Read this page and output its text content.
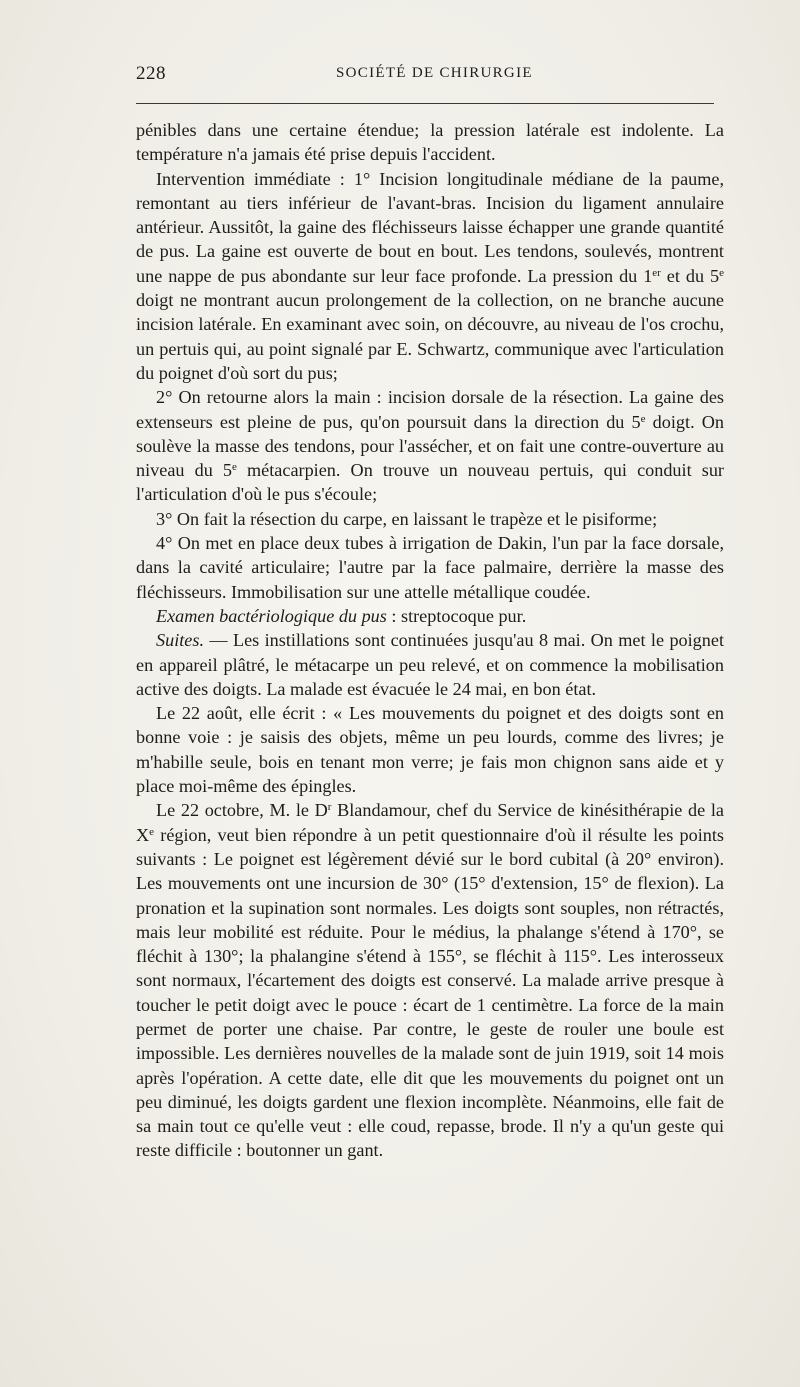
228	SOCIÉTÉ DE CHIRURGIE

pénibles dans une certaine étendue; la pression latérale est indolente. La température n'a jamais été prise depuis l'accident.

Intervention immédiate : 1° Incision longitudinale médiane de la paume, remontant au tiers inférieur de l'avant-bras. Incision du ligament annulaire antérieur. Aussitôt, la gaine des fléchisseurs laisse échapper une grande quantité de pus. La gaine est ouverte de bout en bout. Les tendons, soulevés, montrent une nappe de pus abondante sur leur face profonde. La pression du 1er et du 5e doigt ne montrant aucun prolongement de la collection, on ne branche aucune incision latérale. En examinant avec soin, on découvre, au niveau de l'os crochu, un pertuis qui, au point signalé par E. Schwartz, communique avec l'articulation du poignet d'où sort du pus;

2° On retourne alors la main : incision dorsale de la résection. La gaine des extenseurs est pleine de pus, qu'on poursuit dans la direction du 5e doigt. On soulève la masse des tendons, pour l'assécher, et on fait une contre-ouverture au niveau du 5e métacarpien. On trouve un nouveau pertuis, qui conduit sur l'articulation d'où le pus s'écoule;

3° On fait la résection du carpe, en laissant le trapèze et le pisiforme;

4° On met en place deux tubes à irrigation de Dakin, l'un par la face dorsale, dans la cavité articulaire; l'autre par la face palmaire, derrière la masse des fléchisseurs. Immobilisation sur une attelle métallique coudée.

Examen bactériologique du pus : streptocoque pur.

Suites. — Les instillations sont continuées jusqu'au 8 mai. On met le poignet en appareil plâtré, le métacarpe un peu relevé, et on commence la mobilisation active des doigts. La malade est évacuée le 24 mai, en bon état.

Le 22 août, elle écrit : « Les mouvements du poignet et des doigts sont en bonne voie : je saisis des objets, même un peu lourds, comme des livres; je m'habille seule, bois en tenant mon verre; je fais mon chignon sans aide et y place moi-même des épingles.

Le 22 octobre, M. le $D^r$ Blandamour, chef du Service de kinésithérapie de la Xe région, veut bien répondre à un petit questionnaire d'où il résulte les points suivants : Le poignet est légèrement dévié sur le bord cubital (à 20° environ). Les mouvements ont une incursion de 30° (15° d'extension, 15° de flexion). La pronation et la supination sont normales. Les doigts sont souples, non rétractés, mais leur mobilité est réduite. Pour le médius, la phalange s'étend à 170°, se fléchit à 130°; la phalangine s'étend à 155°, se fléchit à 115°. Les interosseux sont normaux, l'écartement des doigts est conservé. La malade arrive presque à toucher le petit doigt avec le pouce : écart de 1 centimètre. La force de la main permet de porter une chaise. Par contre, le geste de rouler une boule est impossible. Les dernières nouvelles de la malade sont de juin 1919, soit 14 mois après l'opération. A cette date, elle dit que les mouvements du poignet ont un peu diminué, les doigts gardent une flexion incomplète. Néanmoins, elle fait de sa main tout ce qu'elle veut : elle coud, repasse, brode. Il n'y a qu'un geste qui reste difficile : boutonner un gant.
